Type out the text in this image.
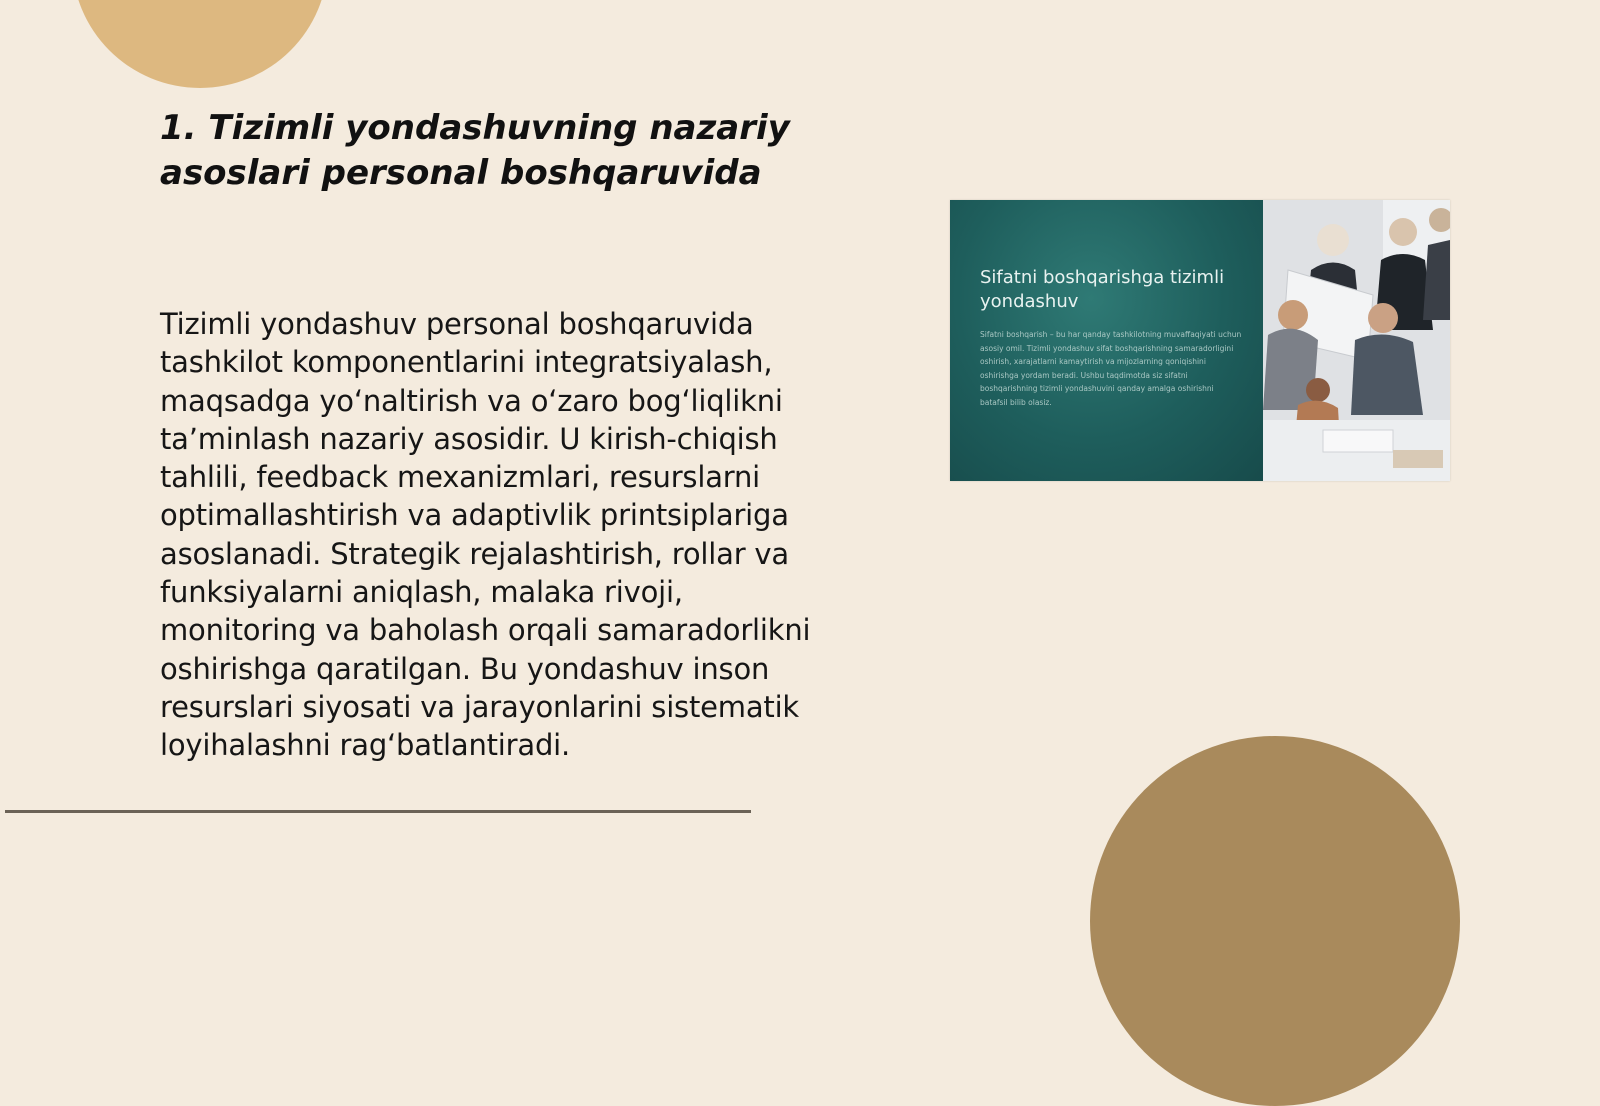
1. Tizimli yondashuvning nazariy asoslari personal boshqaruvida

Tizimli yondashuv personal boshqaruvida tashkilot komponentlarini integratsiyalash, maqsadga yo‘naltirish va o‘zaro bog‘liqlikni ta’minlash nazariy asosidir. U kirish-chiqish tahlili, feedback mexanizmlari, resurslarni optimallashtirish va adaptivlik printsiplariga asoslanadi. Strategik rejalashtirish, rollar va funksiyalarni aniqlash, malaka rivoji, monitoring va baholash orqali samaradorlikni oshirishga qaratilgan. Bu yondashuv inson resurslari siyosati va jarayonlarini sistematik loyihalashni rag‘batlantiradi.

Sifatni boshqarishga tizimli yondashuv

Sifatni boshqarish – bu har qanday tashkilotning muvaffaqiyati uchun asosiy omil. Tizimli yondashuv sifat boshqarishning samaradorligini oshirish, xarajatlarni kamaytirish va mijozlarning qoniqishini oshirishga yordam beradi. Ushbu taqdimotda siz sifatni boshqarishning tizimli yondashuvini qanday amalga oshirishni batafsil bilib olasiz.
